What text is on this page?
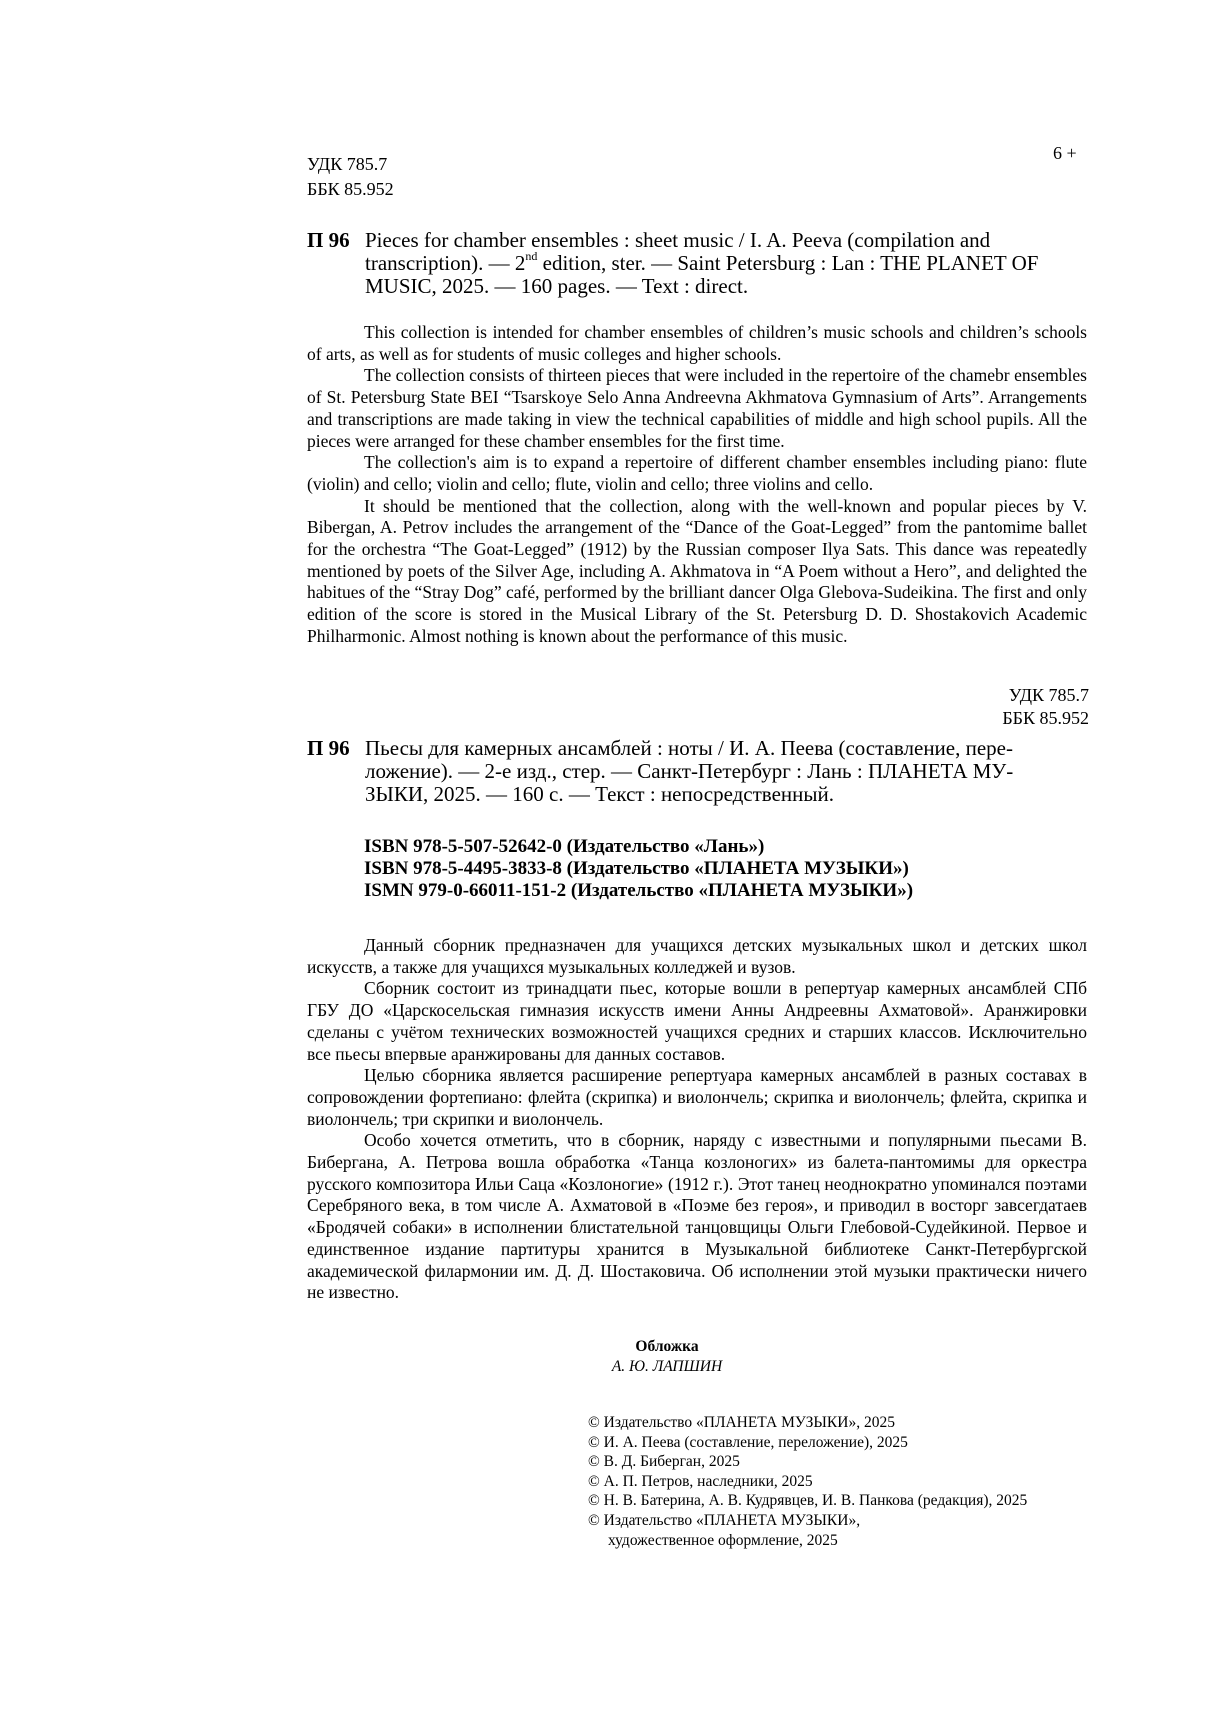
6 +
УДК 785.7
ББК 85.952
П 96 Pieces for chamber ensembles : sheet music / I. A. Peeva (compilation and
transcription). — 2nd edition, ster. — Saint Petersburg : Lan : THE PLANET OF
MUSIC, 2025. — 160 pages. — Text : direct.

This collection is intended for chamber ensembles of children’s music schools and children’s schools of arts, as well as for students of music colleges and higher schools.

The collection consists of thirteen pieces that were included in the repertoire of the chamebr ensembles of St. Petersburg State BEI “Tsarskoye Selo Anna Andreevna Akhmatova Gymnasium of Arts”. Arrangements and transcriptions are made taking in view the technical capabilities of middle and high school pupils. All the pieces were arranged for these chamber ensembles for the first time.

The collection's aim is to expand a repertoire of different chamber ensembles including piano: flute (violin) and cello; violin and cello; flute, violin and cello; three violins and cello.

It should be mentioned that the collection, along with the well-known and popular pieces by V. Bibergan, A. Petrov includes the arrangement of the “Dance of the Goat-Legged” from the pantomime ballet for the orchestra “The Goat-Legged” (1912) by the Russian composer Ilya Sats. This dance was repeatedly mentioned by poets of the Silver Age, including A. Akhmatova in “A Poem without a Hero”, and delighted the habitues of the “Stray Dog” café, performed by the brilliant dancer Olga Glebova-Sudeikina. The first and only edition of the score is stored in the Musical Library of the St. Petersburg D. D. Shostakovich Academic Philharmonic. Almost nothing is known about the performance of this music.

УДК 785.7
ББК 85.952
П 96 Пьесы для камерных ансамблей : ноты / И. А. Пеева (составление, пере-
ложение). — 2-е изд., стер. — Санкт-Петербург : Лань : ПЛАНЕТА МУ-
ЗЫКИ, 2025. — 160 с. — Текст : непосредственный.
ISBN 978-5-507-52642-0 (Издательство «Лань»)
ISBN 978-5-4495-3833-8 (Издательство «ПЛАНЕТА МУЗЫКИ»)
ISMN 979-0-66011-151-2 (Издательство «ПЛАНЕТА МУЗЫКИ»)

Данный сборник предназначен для учащихся детских музыкальных школ и детских школ искусств, а также для учащихся музыкальных колледжей и вузов.

Сборник состоит из тринадцати пьес, которые вошли в репертуар камерных ансамблей СПб ГБУ ДО «Царскосельская гимназия искусств имени Анны Андреевны Ахматовой». Аранжировки сделаны с учётом технических возможностей учащихся средних и старших классов. Исключительно все пьесы впервые аранжированы для данных составов.

Целью сборника является расширение репертуара камерных ансамблей в разных составах в сопровождении фортепиано: флейта (скрипка) и виолончель; скрипка и виолончель; флейта, скрипка и виолончель; три скрипки и виолончель.

Особо хочется отметить, что в сборник, наряду с известными и популярными пьесами В. Бибергана, А. Петрова вошла обработка «Танца козлоногих» из балета-пантомимы для оркестра русского композитора Ильи Саца «Козлоногие» (1912 г.). Этот танец неоднократно упоминался поэтами Серебряного века, в том числе А. Ахматовой в «Поэме без героя», и приводил в восторг завсегдатаев «Бродячей собаки» в исполнении блистательной танцовщицы Ольги Глебовой-Судейкиной. Первое и единственное издание партитуры хранится в Музыкальной библиотеке Санкт-Петербургской академической филармонии им. Д. Д. Шостаковича. Об исполнении этой музыки практически ничего не известно.

Обложка
А. Ю. ЛАПШИН
© Издательство «ПЛАНЕТА МУЗЫКИ», 2025
© И. А. Пеева (составление, переложение), 2025
© В. Д. Бибергaн, 2025
© А. П. Петров, наследники, 2025
© Н. В. Батерина, А. В. Кудрявцев, И. В. Панкова (редакция), 2025
© Издательство «ПЛАНЕТА МУЗЫКИ»,
художественное оформление, 2025
